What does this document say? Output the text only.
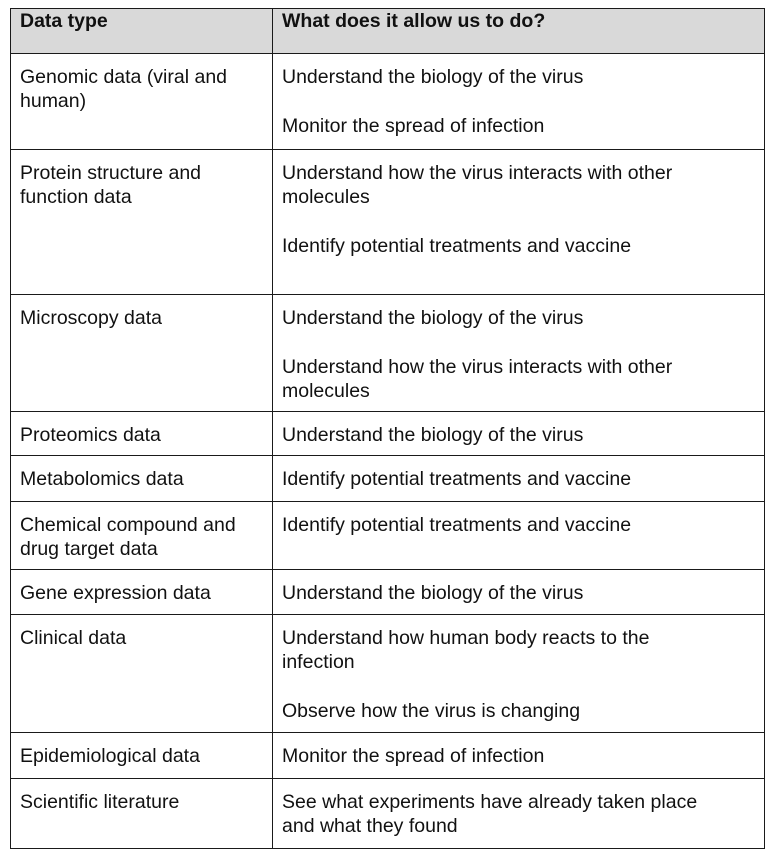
Data type	What does it allow us to do?

Genomic data (viral and
human)	Understand the biology of the virus
Monitor the spread of infection

Protein structure and
function data	Understand how the virus interacts with other
molecules
Identify potential treatments and vaccine

Microscopy data	Understand the biology of the virus
Understand how the virus interacts with other
molecules

Proteomics data	Understand the biology of the virus

Metabolomics data	Identify potential treatments and vaccine

Chemical compound and
drug target data	Identify potential treatments and vaccine

Gene expression data	Understand the biology of the virus

Clinical data	Understand how human body reacts to the
infection
Observe how the virus is changing

Epidemiological data	Monitor the spread of infection

Scientific literature	See what experiments have already taken place
and what they found
